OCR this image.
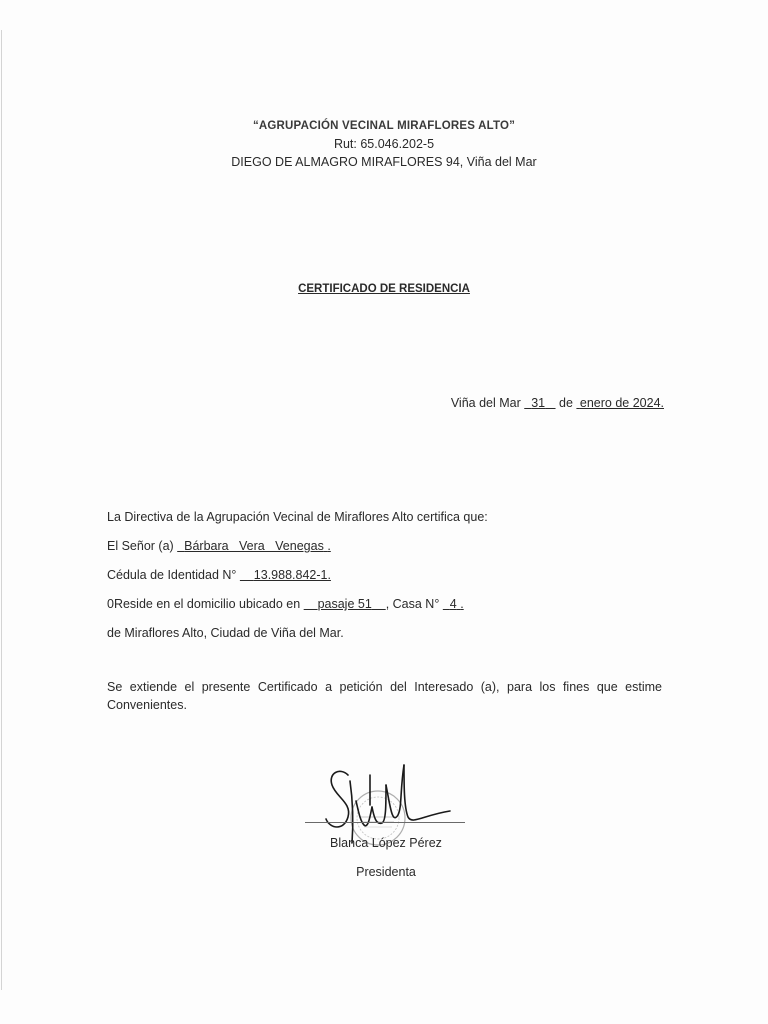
“AGRUPACIÓN VECINAL MIRAFLORES ALTO”
Rut: 65.046.202-5
DIEGO DE ALMAGRO MIRAFLORES 94, Viña del Mar
CERTIFICADO DE RESIDENCIA
Viña del Mar 31 de enero de 2024.
La Directiva de la Agrupación Vecinal de Miraflores Alto certifica que:
El Señor (a) Bárbara   Vera   Venegas .
Cédula de Identidad N° 13.988.842-1.
0Reside en el domicilio ubicado en pasaje 51 , Casa N° 4 .
de Miraflores Alto, Ciudad de Viña del Mar.
Se extiende el presente Certificado a petición del Interesado (a), para los fines que estime Convenientes.
Blanca López Pérez
Presidenta
